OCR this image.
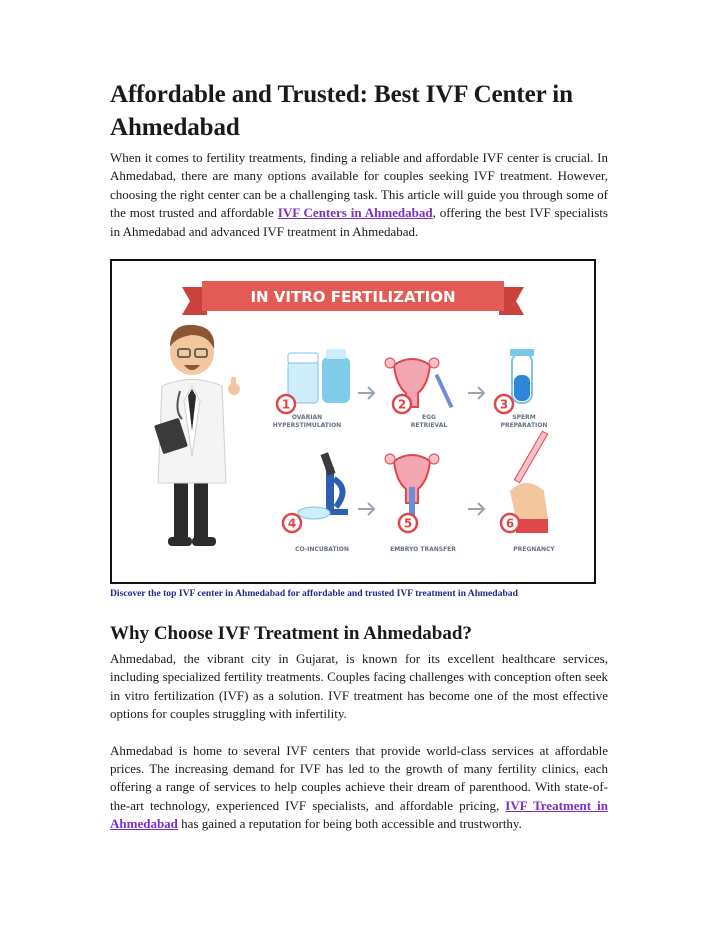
Affordable and Trusted: Best IVF Center in Ahmedabad

When it comes to fertility treatments, finding a reliable and affordable IVF center is crucial. In Ahmedabad, there are many options available for couples seeking IVF treatment. However, choosing the right center can be a challenging task. This article will guide you through some of the most trusted and affordable IVF Centers in Ahmedabad, offering the best IVF specialists in Ahmedabad and advanced IVF treatment in Ahmedabad.

IN VITRO FERTILIZATION
1
OVARIAN
HYPERSTIMULATION
2
EGG
RETRIEVAL
3
SPERM
PREPARATION
4
CO-INCUBATION
5
EMBRYO TRANSFER
6
PREGNANCY
Discover the top IVF center in Ahmedabad for affordable and trusted IVF treatment in Ahmedabad
Why Choose IVF Treatment in Ahmedabad?

Ahmedabad, the vibrant city in Gujarat, is known for its excellent healthcare services, including specialized fertility treatments. Couples facing challenges with conception often seek in vitro fertilization (IVF) as a solution. IVF treatment has become one of the most effective options for couples struggling with infertility.

Ahmedabad is home to several IVF centers that provide world-class services at affordable prices. The increasing demand for IVF has led to the growth of many fertility clinics, each offering a range of services to help couples achieve their dream of parenthood. With state-of-the-art technology, experienced IVF specialists, and affordable pricing, IVF Treatment in Ahmedabad has gained a reputation for being both accessible and trustworthy.
